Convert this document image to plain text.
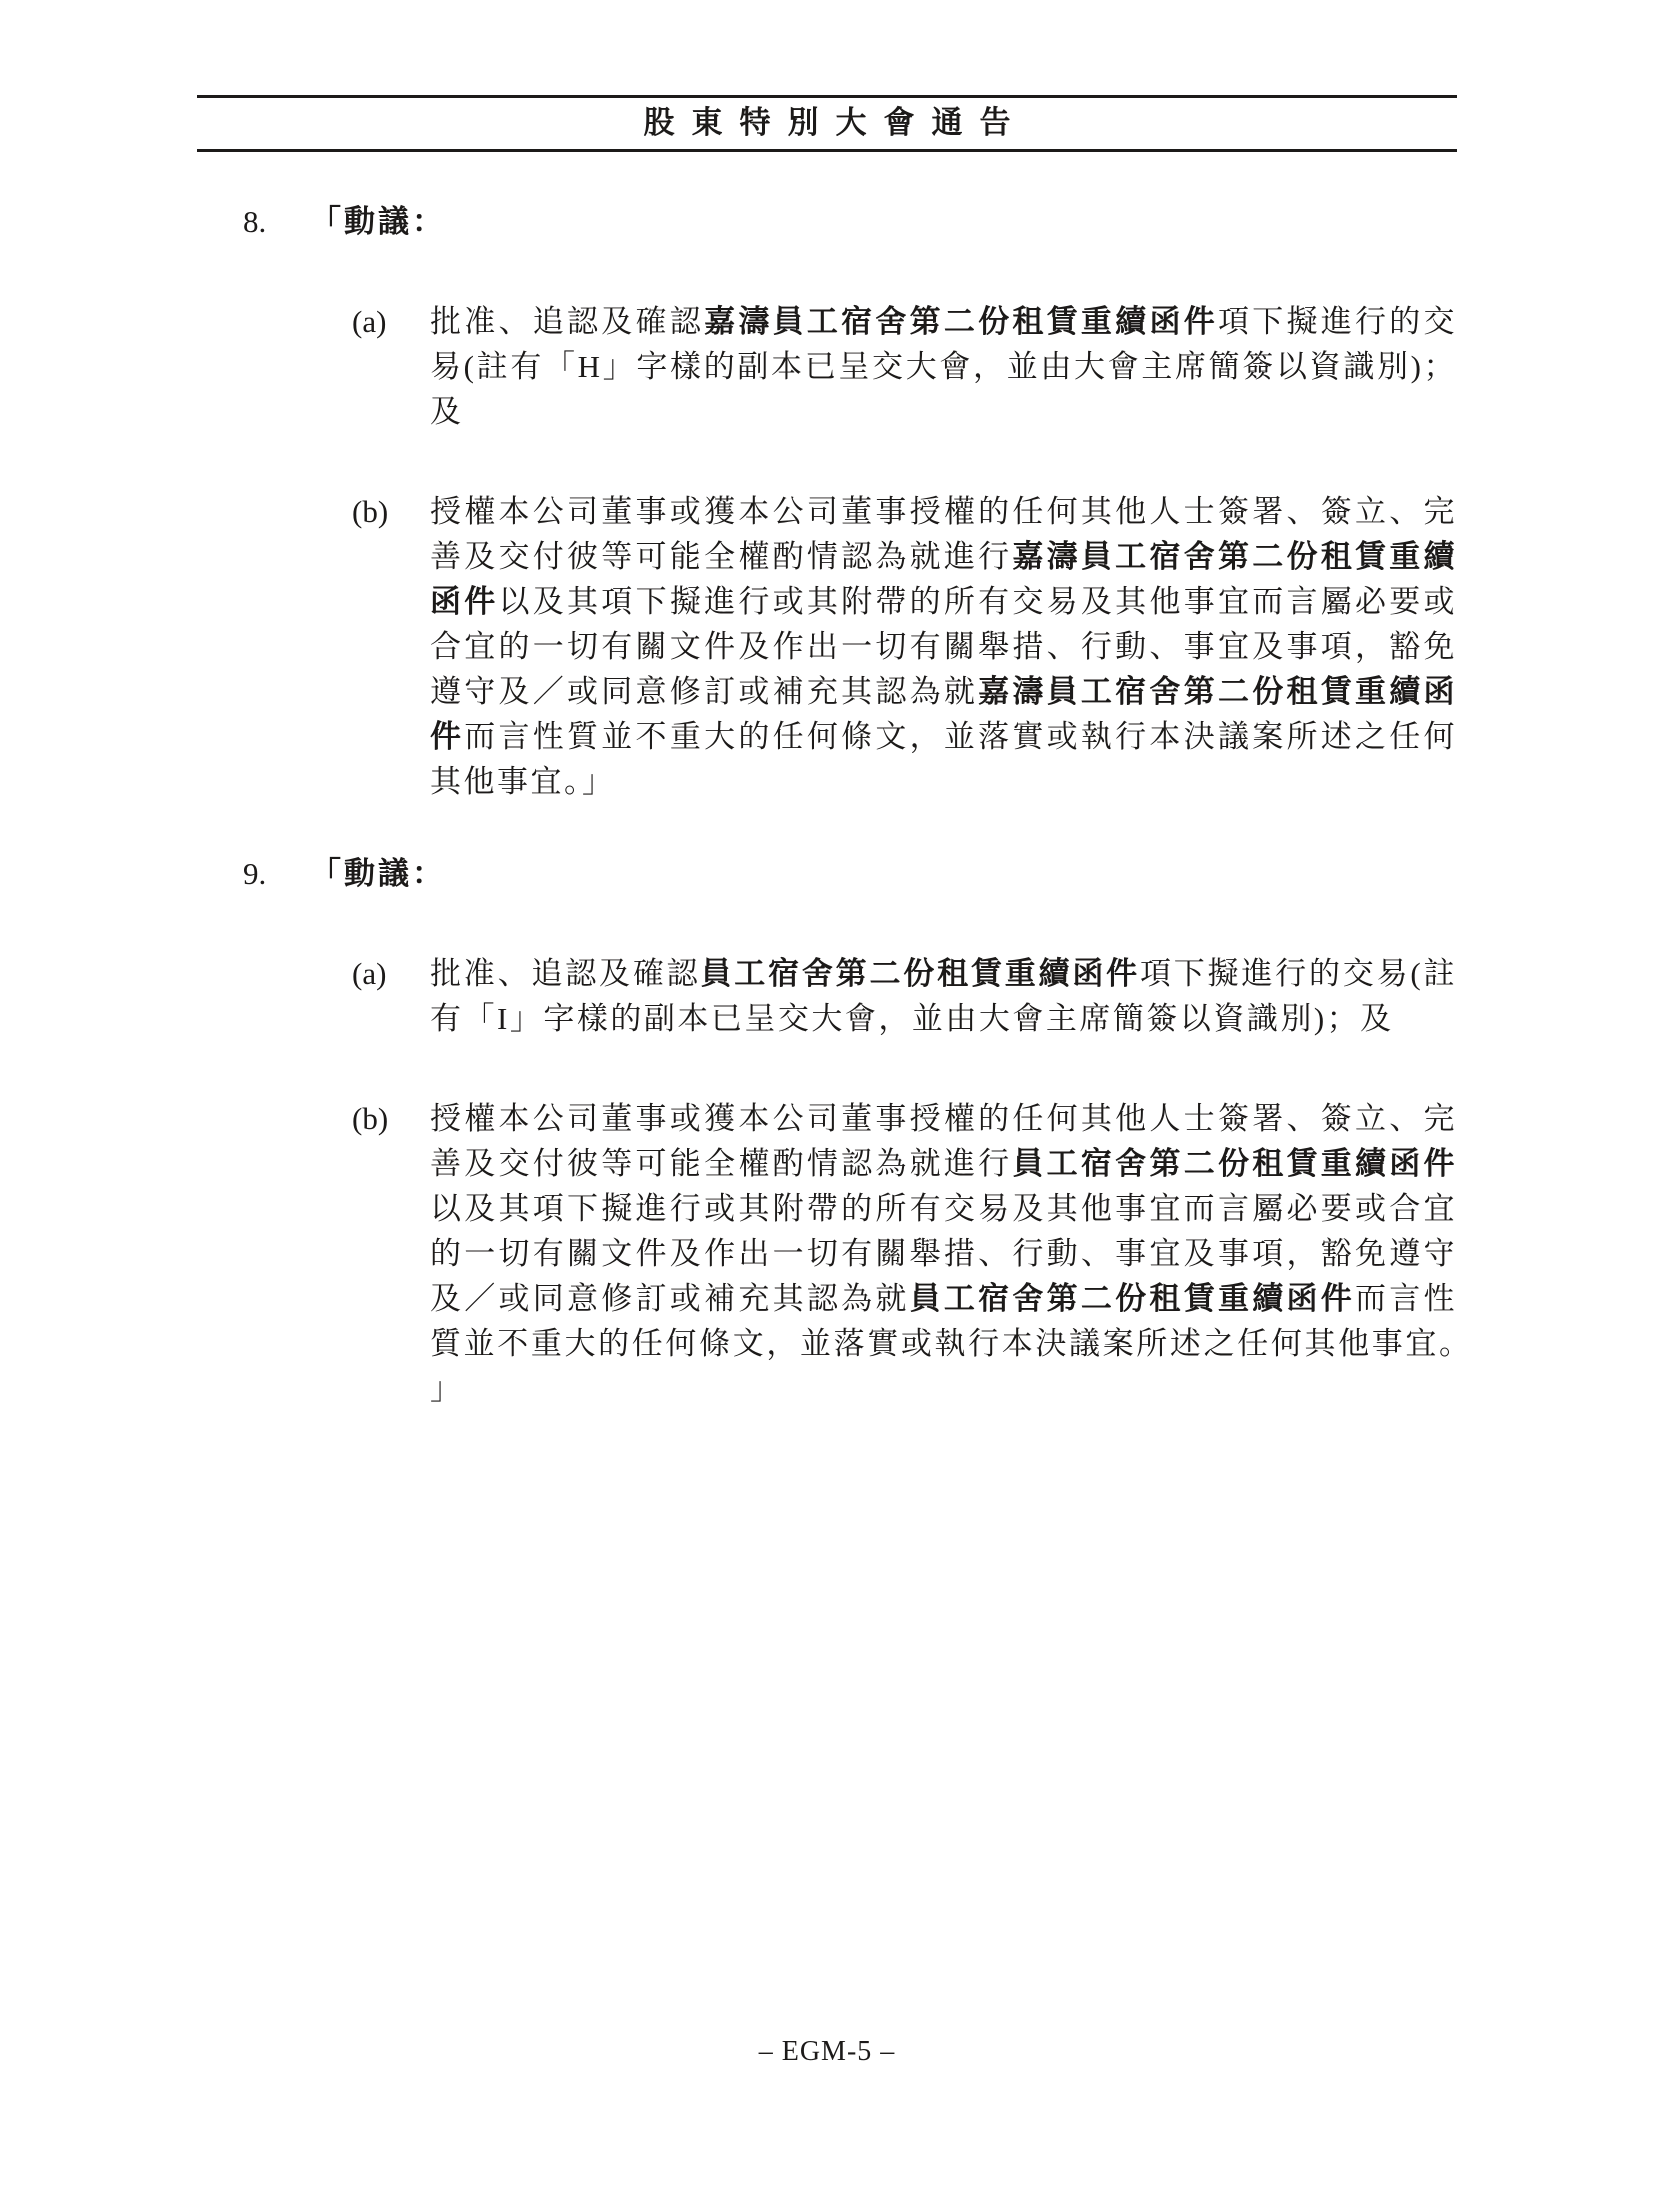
股東特別大會通告
8.	「動議：
(a)	批准、追認及確認嘉濤員工宿舍第二份租賃重續函件項下擬進行的交易(註有「H」字樣的副本已呈交大會，並由大會主席簡簽以資識別)；及
(b)	授權本公司董事或獲本公司董事授權的任何其他人士簽署、簽立、完善及交付彼等可能全權酌情認為就進行嘉濤員工宿舍第二份租賃重續函件以及其項下擬進行或其附帶的所有交易及其他事宜而言屬必要或合宜的一切有關文件及作出一切有關舉措、行動、事宜及事項，豁免遵守及／或同意修訂或補充其認為就嘉濤員工宿舍第二份租賃重續函件而言性質並不重大的任何條文，並落實或執行本決議案所述之任何其他事宜。」
9.	「動議：
(a)	批准、追認及確認員工宿舍第二份租賃重續函件項下擬進行的交易(註有「I」字樣的副本已呈交大會，並由大會主席簡簽以資識別)；及
(b)	授權本公司董事或獲本公司董事授權的任何其他人士簽署、簽立、完善及交付彼等可能全權酌情認為就進行員工宿舍第二份租賃重續函件以及其項下擬進行或其附帶的所有交易及其他事宜而言屬必要或合宜的一切有關文件及作出一切有關舉措、行動、事宜及事項，豁免遵守及／或同意修訂或補充其認為就員工宿舍第二份租賃重續函件而言性質並不重大的任何條文，並落實或執行本決議案所述之任何其他事宜。」
– EGM-5 –
